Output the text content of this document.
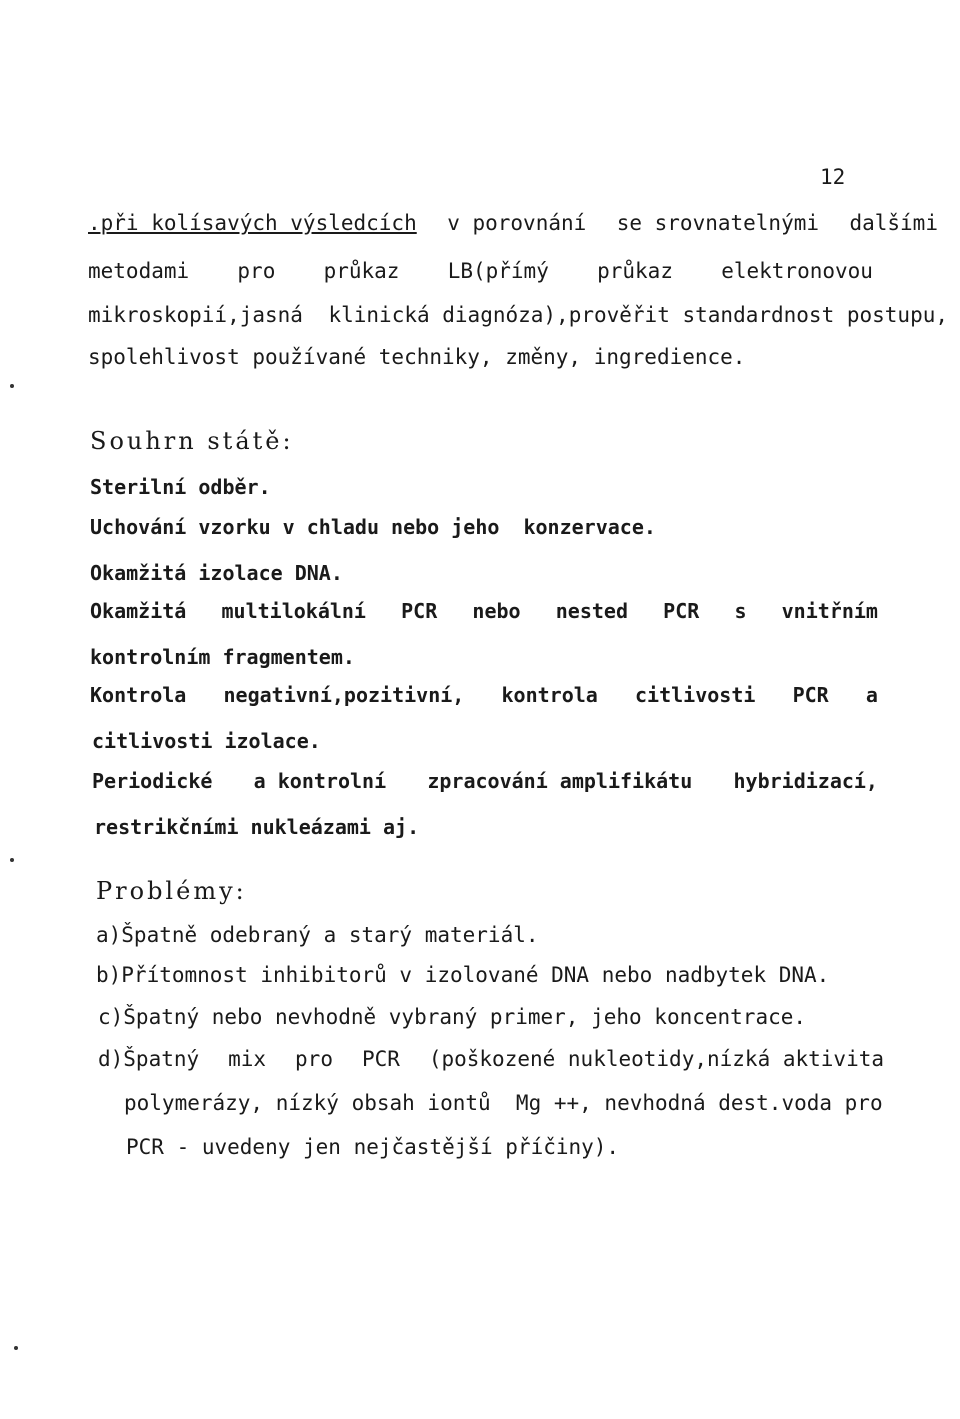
12
.při kolísavých výsledcích v porovnání se srovnatelnými dalšími
metodami pro průkaz LB(přímý průkaz elektronovou
mikroskopií,jasná klinická diagnóza),prověřit standardnost postupu,
spolehlivost používané techniky, změny, ingredience.
Souhrn státě:
Sterilní odběr.
Uchování vzorku v chladu nebo jeho  konzervace.
Okamžitá izolace DNA.
Okamžitá multilokální PCR nebo nested PCR s vnitřním
kontrolním fragmentem.
Kontrola negativní,pozitivní, kontrola citlivosti PCR a
citlivosti izolace.
Periodické a kontrolní zpracování amplifikátu hybridizací,
restrikčními nukleázami aj.
Problémy:
a)Špatně odebraný a starý materiál.
b)Přítomnost inhibitorů v izolované DNA nebo nadbytek DNA.
c)Špatný nebo nevhodně vybraný primer, jeho koncentrace.
d)Špatný mix pro PCR (poškozené nukleotidy,nízká aktivita
polymerázy, nízký obsah iontů  Mg ++, nevhodná dest.voda pro
PCR - uvedeny jen nejčastější příčiny).
